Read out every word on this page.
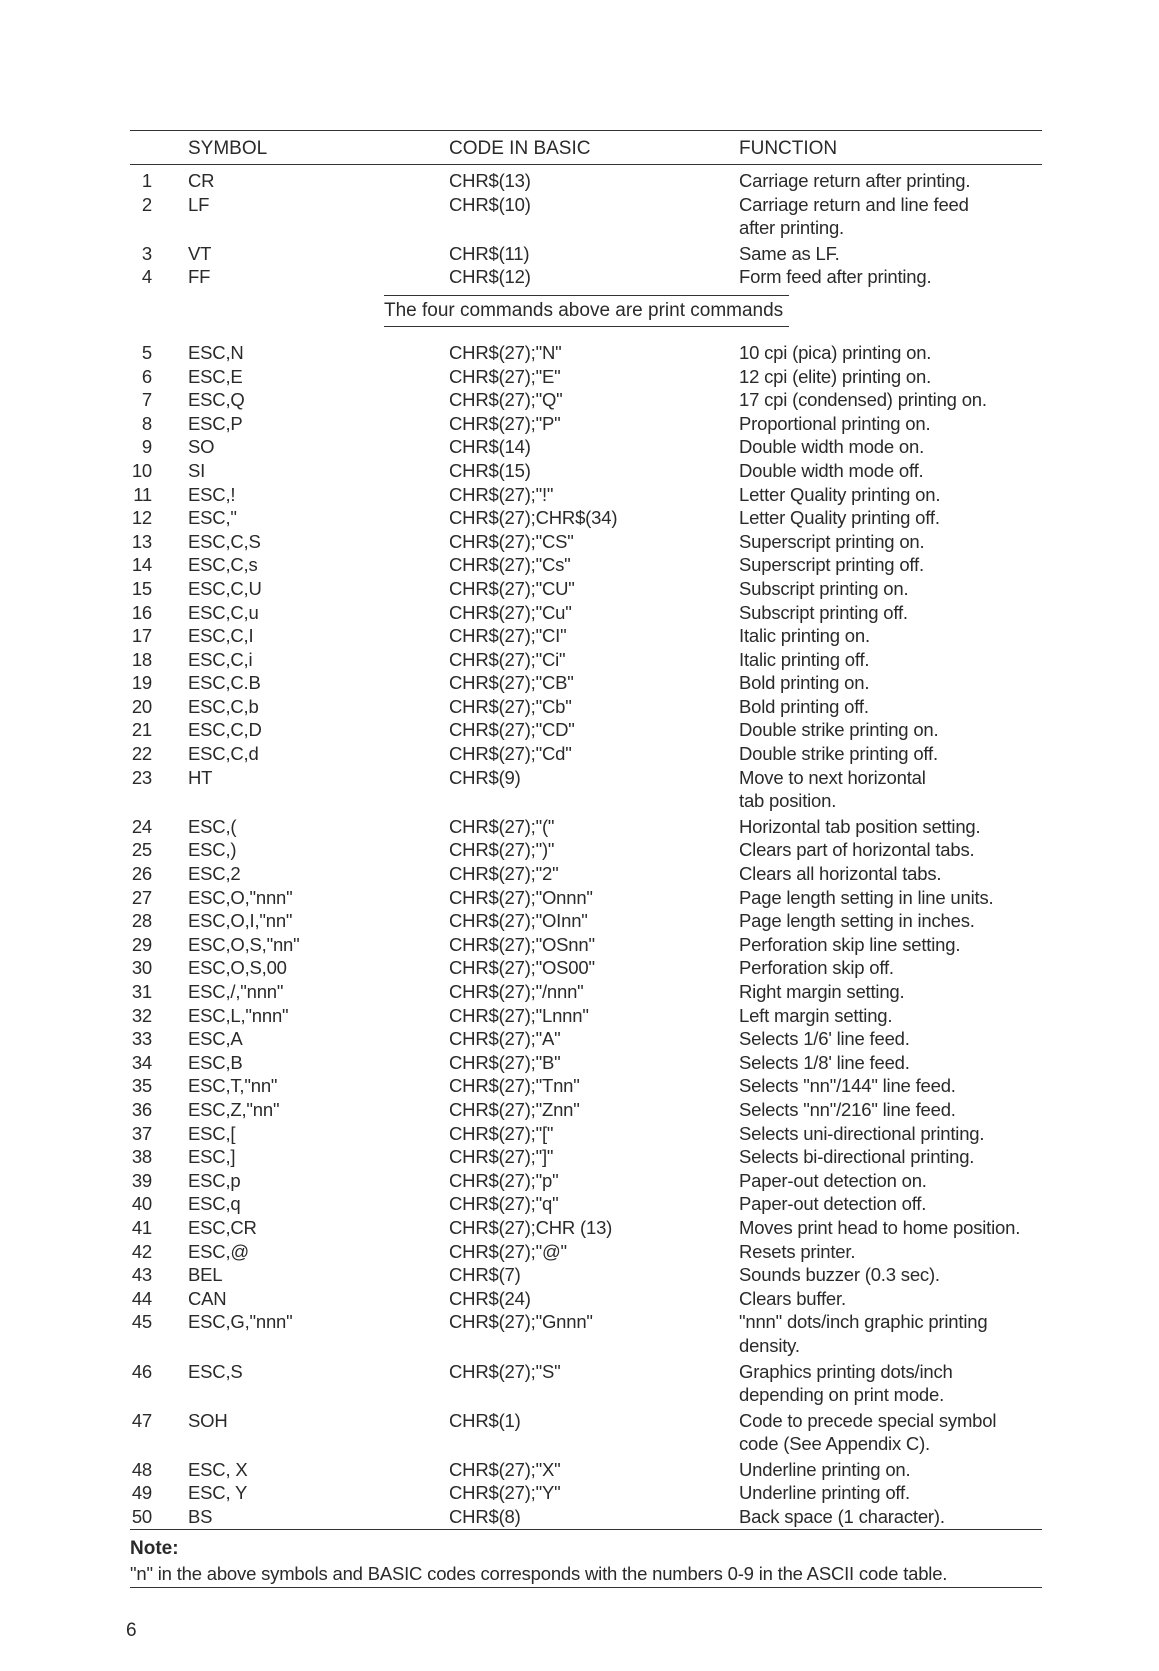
SYMBOL	CODE IN BASIC	FUNCTION
1 CR	CHR$(13)	Carriage return after printing.
2 LF	CHR$(10)	Carriage return and line feed
after printing.
3 VT	CHR$(11)	Same as LF.
4 FF	CHR$(12)	Form feed after printing.
The four commands above are print commands
5 ESC,N	CHR$(27);"N"	10 cpi (pica) printing on.
6 ESC,E	CHR$(27);"E"	12 cpi (elite) printing on.
7 ESC,Q	CHR$(27);"Q"	17 cpi (condensed) printing on.
8 ESC,P	CHR$(27);"P"	Proportional printing on.
9 SO	CHR$(14)	Double width mode on.
10 SI	CHR$(15)	Double width mode off.
11 ESC,!	CHR$(27);"!"	Letter Quality printing on.
12 ESC,"	CHR$(27);CHR$(34)	Letter Quality printing off.
13 ESC,C,S	CHR$(27);"CS"	Superscript printing on.
14 ESC,C,s	CHR$(27);"Cs"	Superscript printing off.
15 ESC,C,U	CHR$(27);"CU"	Subscript printing on.
16 ESC,C,u	CHR$(27);"Cu"	Subscript printing off.
17 ESC,C,I	CHR$(27);"CI"	Italic printing on.
18 ESC,C,i	CHR$(27);"Ci"	Italic printing off.
19 ESC,C.B	CHR$(27);"CB"	Bold printing on.
20 ESC,C,b	CHR$(27);"Cb"	Bold printing off.
21 ESC,C,D	CHR$(27);"CD"	Double strike printing on.
22 ESC,C,d	CHR$(27);"Cd"	Double strike printing off.
23 HT	CHR$(9)	Move to next horizontal
tab position.
24 ESC,(	CHR$(27);"("	Horizontal tab position setting.
25 ESC,)	CHR$(27);")"	Clears part of horizontal tabs.
26 ESC,2	CHR$(27);"2"	Clears all horizontal tabs.
27 ESC,O,"nnn"	CHR$(27);"Onnn"	Page length setting in line units.
28 ESC,O,I,"nn"	CHR$(27);"OInn"	Page length setting in inches.
29 ESC,O,S,"nn"	CHR$(27);"OSnn"	Perforation skip line setting.
30 ESC,O,S,00	CHR$(27);"OS00"	Perforation skip off.
31 ESC,/,"nnn"	CHR$(27);"/nnn"	Right margin setting.
32 ESC,L,"nnn"	CHR$(27);"Lnnn"	Left margin setting.
33 ESC,A	CHR$(27);"A"	Selects 1/6' line feed.
34 ESC,B	CHR$(27);"B"	Selects 1/8' line feed.
35 ESC,T,"nn"	CHR$(27);"Tnn"	Selects "nn"/144" line feed.
36 ESC,Z,"nn"	CHR$(27);"Znn"	Selects "nn"/216" line feed.
37 ESC,[	CHR$(27);"["	Selects uni-directional printing.
38 ESC,]	CHR$(27);"]"	Selects bi-directional printing.
39 ESC,p	CHR$(27);"p"	Paper-out detection on.
40 ESC,q	CHR$(27);"q"	Paper-out detection off.
41 ESC,CR	CHR$(27);CHR (13)	Moves print head to home position.
42 ESC,@	CHR$(27);"@"	Resets printer.
43 BEL	CHR$(7)	Sounds buzzer (0.3 sec).
44 CAN	CHR$(24)	Clears buffer.
45 ESC,G,"nnn"	CHR$(27);"Gnnn"	"nnn" dots/inch graphic printing
density.
46 ESC,S	CHR$(27);"S"	Graphics printing dots/inch
depending on print mode.
47 SOH	CHR$(1)	Code to precede special symbol
code (See Appendix C).
48 ESC, X	CHR$(27);"X"	Underline printing on.
49 ESC, Y	CHR$(27);"Y"	Underline printing off.
50 BS	CHR$(8)	Back space (1 character).
Note:
"n" in the above symbols and BASIC codes corresponds with the numbers 0-9 in the ASCII code table.
6
